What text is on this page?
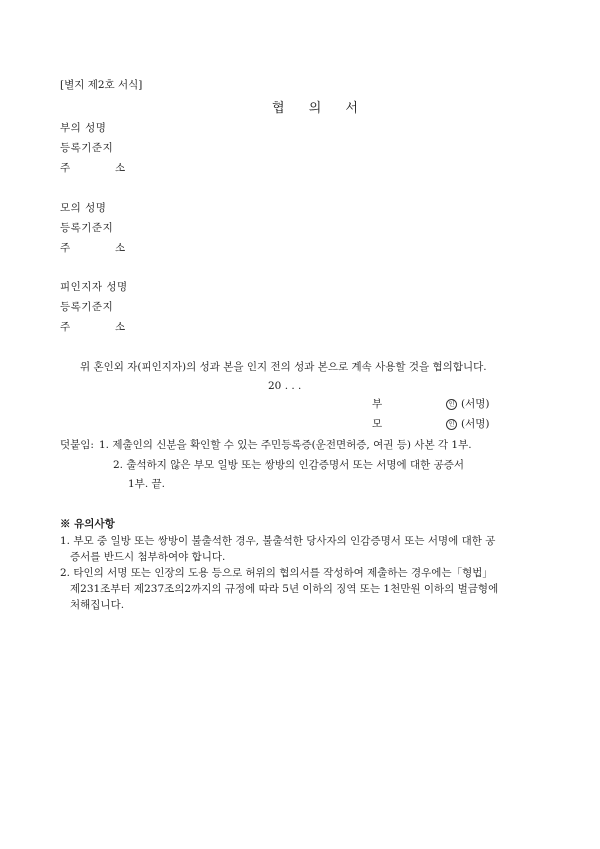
[별지 제2호 서식]
협 의 서
부의 성명
등록기준지
주	소
모의 성명
등록기준지
주	소
피인지자 성명
등록기준지
주	소
위 혼인외 자(피인지자)의 성과 본을 인지 전의 성과 본으로 계속 사용할 것을 협의합니다.
20 . . .
부	인 (서명)
모	인 (서명)
덧붙임: 1. 제출인의 신분을 확인할 수 있는 주민등록증(운전면허증, 여권 등) 사본 각 1부.
2. 출석하지 않은 부모 일방 또는 쌍방의 인감증명서 또는 서명에 대한 공증서
1부. 끝.
※ 유의사항
1. 부모 중 일방 또는 쌍방이 불출석한 경우, 불출석한 당사자의 인감증명서 또는 서명에 대한 공
증서를 반드시 첨부하여야 합니다.
2. 타인의 서명 또는 인장의 도용 등으로 허위의 협의서를 작성하여 제출하는 경우에는「형법」
제231조부터 제237조의2까지의 규정에 따라 5년 이하의 징역 또는 1천만원 이하의 벌금형에
처해집니다.
